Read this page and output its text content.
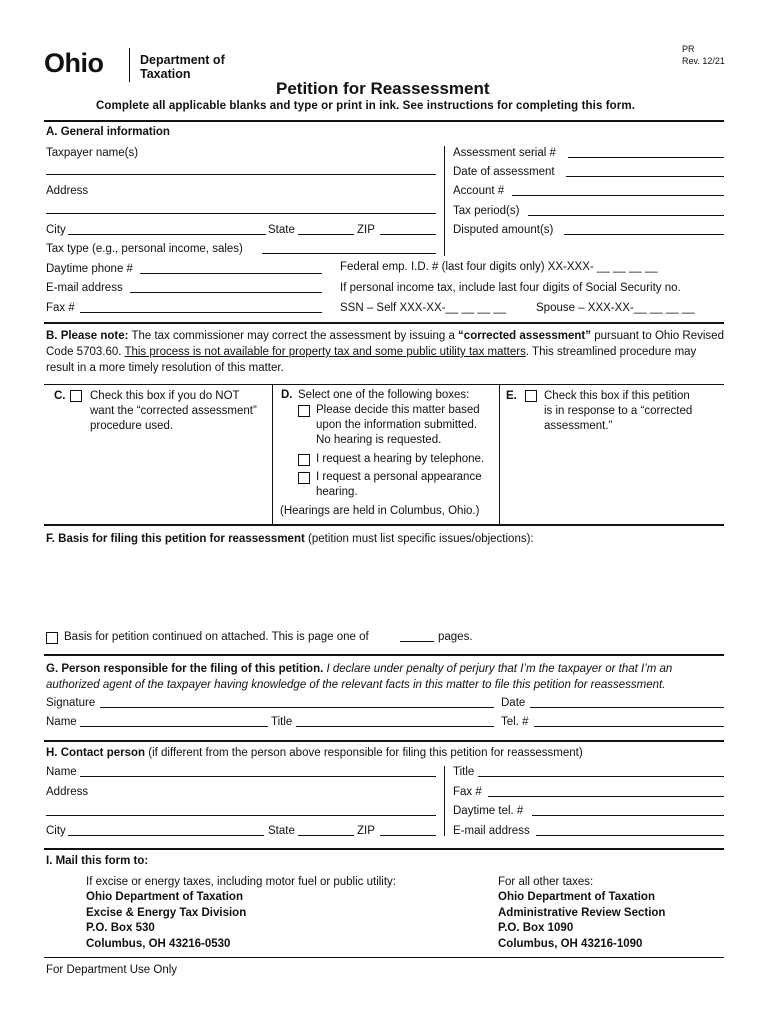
Ohio	Department of
Taxation
PR
Rev. 12/21
Petition for Reassessment
Complete all applicable blanks and type or print in ink. See instructions for completing this form.
A. General information
Taxpayer name(s)
Address
City	State	ZIP
Tax type (e.g., personal income, sales)
Daytime phone #
E-mail address
Fax #
Assessment serial #
Date of assessment
Account #
Tax period(s)
Disputed amount(s)
Federal emp. I.D. # (last four digits only) XX-XXX- __ __ __ __
If personal income tax, include last four digits of Social Security no.
SSN – Self XXX-XX-__ __ __ __	Spouse – XXX-XX-__ __ __ __
B. Please note: The tax commissioner may correct the assessment by issuing a “corrected assessment” pursuant to Ohio Revised Code 5703.60. This process is not available for property tax and some public utility tax matters. This streamlined procedure may result in a more timely resolution of this matter.
C. Check this box if you do NOT
want the “corrected assessment”
procedure used.
D. Select one of the following boxes:
Please decide this matter based
upon the information submitted.
No hearing is requested.
I request a hearing by telephone.
I request a personal appearance
hearing.
(Hearings are held in Columbus, Ohio.)
E. Check this box if this petition
is in response to a “corrected
assessment.”
F. Basis for filing this petition for reassessment (petition must list specific issues/objections):
Basis for petition continued on attached. This is page one of	pages.
G. Person responsible for the filing of this petition. I declare under penalty of perjury that I’m the taxpayer or that I’m an authorized agent of the taxpayer having knowledge of the relevant facts in this matter to file this petition for reassessment.
Signature	Date
Name	Title	Tel. #
H. Contact person (if different from the person above responsible for filing this petition for reassessment)
Name
Address
City	State	ZIP
Title
Fax #
Daytime tel. #
E-mail address
I. Mail this form to:
If excise or energy taxes, including motor fuel or public utility:
Ohio Department of Taxation
Excise & Energy Tax Division
P.O. Box 530
Columbus, OH 43216-0530
For all other taxes:
Ohio Department of Taxation
Administrative Review Section
P.O. Box 1090
Columbus, OH 43216-1090
For Department Use Only
